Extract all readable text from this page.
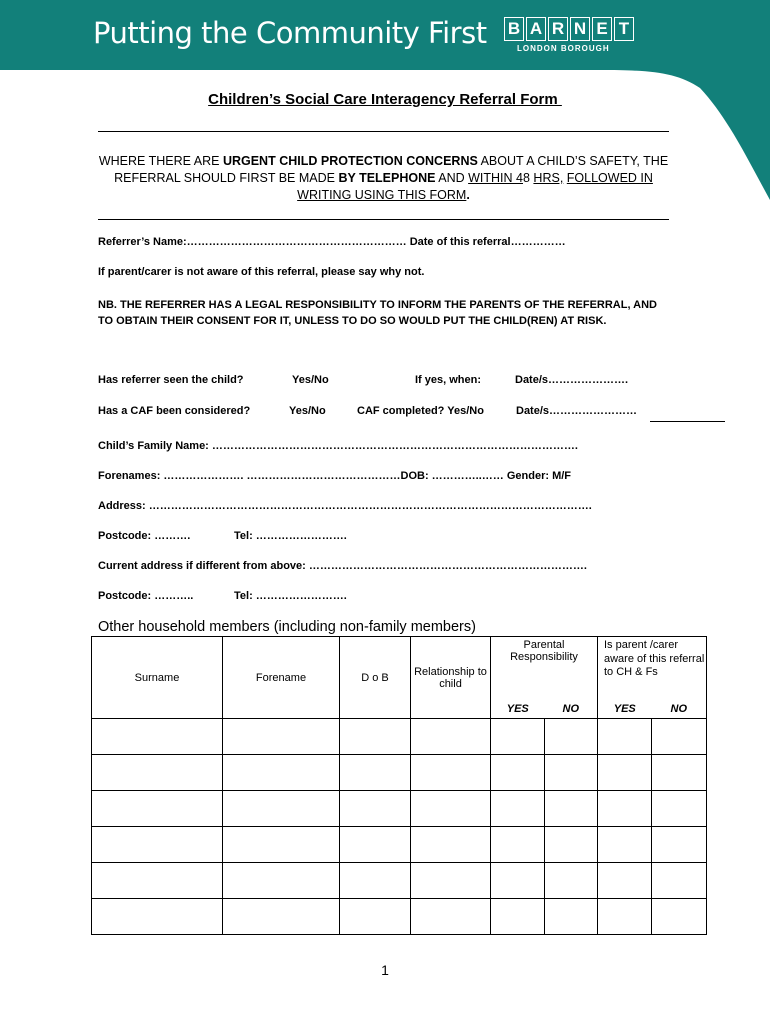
Putting the Community First B A R N E T
LONDON BOROUGH
Children’s Social Care Interagency Referral Form
WHERE THERE ARE URGENT CHILD PROTECTION CONCERNS ABOUT A CHILD’S SAFETY, THE REFERRAL SHOULD FIRST BE MADE BY TELEPHONE AND WITHIN 48 HRS, FOLLOWED IN WRITING USING THIS FORM.
Referrer’s Name:…………………………………………………… Date of this referral……………
If parent/carer is not aware of this referral, please say why not.
NB. THE REFERRER HAS A LEGAL RESPONSIBILITY TO INFORM THE PARENTS OF THE REFERRAL, AND TO OBTAIN THEIR CONSENT FOR IT, UNLESS TO DO SO WOULD PUT THE CHILD(REN) AT RISK.
Has referrer seen the child?	Yes/No	If yes, when:	Date/s………………….
Has a CAF been considered?	Yes/No	CAF completed? Yes/No	Date/s……………………
Child’s Family Name: ……………………………………………………………………………………….
Forenames: …………………. ……………………………………DOB: …………..…… Gender: M/F
Address: ………………………………………………………………………………………………………….
Postcode: ……….	Tel: …………………….
Current address if different from above: ………………………………………………………………….
Postcode: ………..	Tel: …………………….
Other household members (including non-family members)
Surname	Forename	D o B	Relationship to child	Parental Responsibility		Is parent /carer aware of this referral to CH & Fs	
				YES	NO	YES	NO

1
